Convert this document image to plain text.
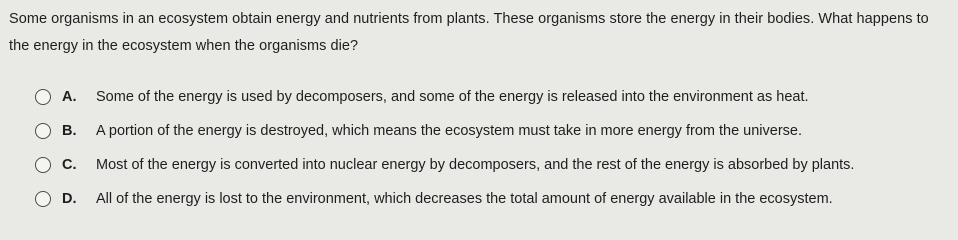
Some organisms in an ecosystem obtain energy and nutrients from plants. These organisms store the energy in their bodies. What happens to the energy in the ecosystem when the organisms die?
A.	Some of the energy is used by decomposers, and some of the energy is released into the environment as heat.
B.	A portion of the energy is destroyed, which means the ecosystem must take in more energy from the universe.
C.	Most of the energy is converted into nuclear energy by decomposers, and the rest of the energy is absorbed by plants.
D.	All of the energy is lost to the environment, which decreases the total amount of energy available in the ecosystem.
